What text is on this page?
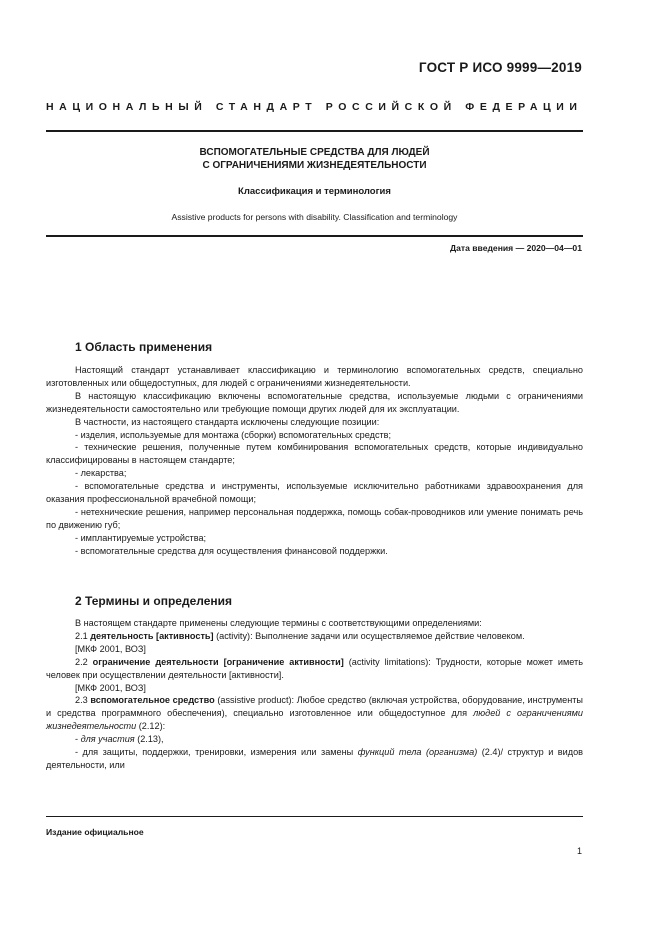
ГОСТ Р ИСО 9999—2019
НАЦИОНАЛЬНЫЙ СТАНДАРТ РОССИЙСКОЙ ФЕДЕРАЦИИ
ВСПОМОГАТЕЛЬНЫЕ СРЕДСТВА ДЛЯ ЛЮДЕЙ
С ОГРАНИЧЕНИЯМИ ЖИЗНЕДЕЯТЕЛЬНОСТИ
Классификация и терминология
Assistive products for persons with disability. Classification and terminology
Дата введения — 2020—04—01
1 Область применения

Настоящий стандарт устанавливает классификацию и терминологию вспомогательных средств, специально изготовленных или общедоступных, для людей с ограничениями жизнедеятельности.

В настоящую классификацию включены вспомогательные средства, используемые людьми с ограничениями жизнедеятельности самостоятельно или требующие помощи других людей для их эксплуатации.

В частности, из настоящего стандарта исключены следующие позиции:

- изделия, используемые для монтажа (сборки) вспомогательных средств;

- технические решения, полученные путем комбинирования вспомогательных средств, которые индивидуально классифицированы в настоящем стандарте;

- лекарства;

- вспомогательные средства и инструменты, используемые исключительно работниками здравоохранения для оказания профессиональной врачебной помощи;

- нетехнические решения, например персональная поддержка, помощь собак-проводников или умение понимать речь по движению губ;

- имплантируемые устройства;

- вспомогательные средства для осуществления финансовой поддержки.

2 Термины и определения

В настоящем стандарте применены следующие термины с соответствующими определениями:

2.1 деятельность [активность] (activity): Выполнение задачи или осуществляемое действие человеком.

[МКФ 2001, ВОЗ]

2.2 ограничение деятельности [ограничение активности] (activity limitations): Трудности, которые может иметь человек при осуществлении деятельности [активности].

[МКФ 2001, ВОЗ]

2.3 вспомогательное средство (assistive product): Любое средство (включая устройства, оборудование, инструменты и средства программного обеспечения), специально изготовленное или общедоступное для людей с ограничениями жизнедеятельности (2.12):

- для участия (2.13),

- для защиты, поддержки, тренировки, измерения или замены функций тела (организма) (2.4)/ структур и видов деятельности, или

Издание официальное
1
